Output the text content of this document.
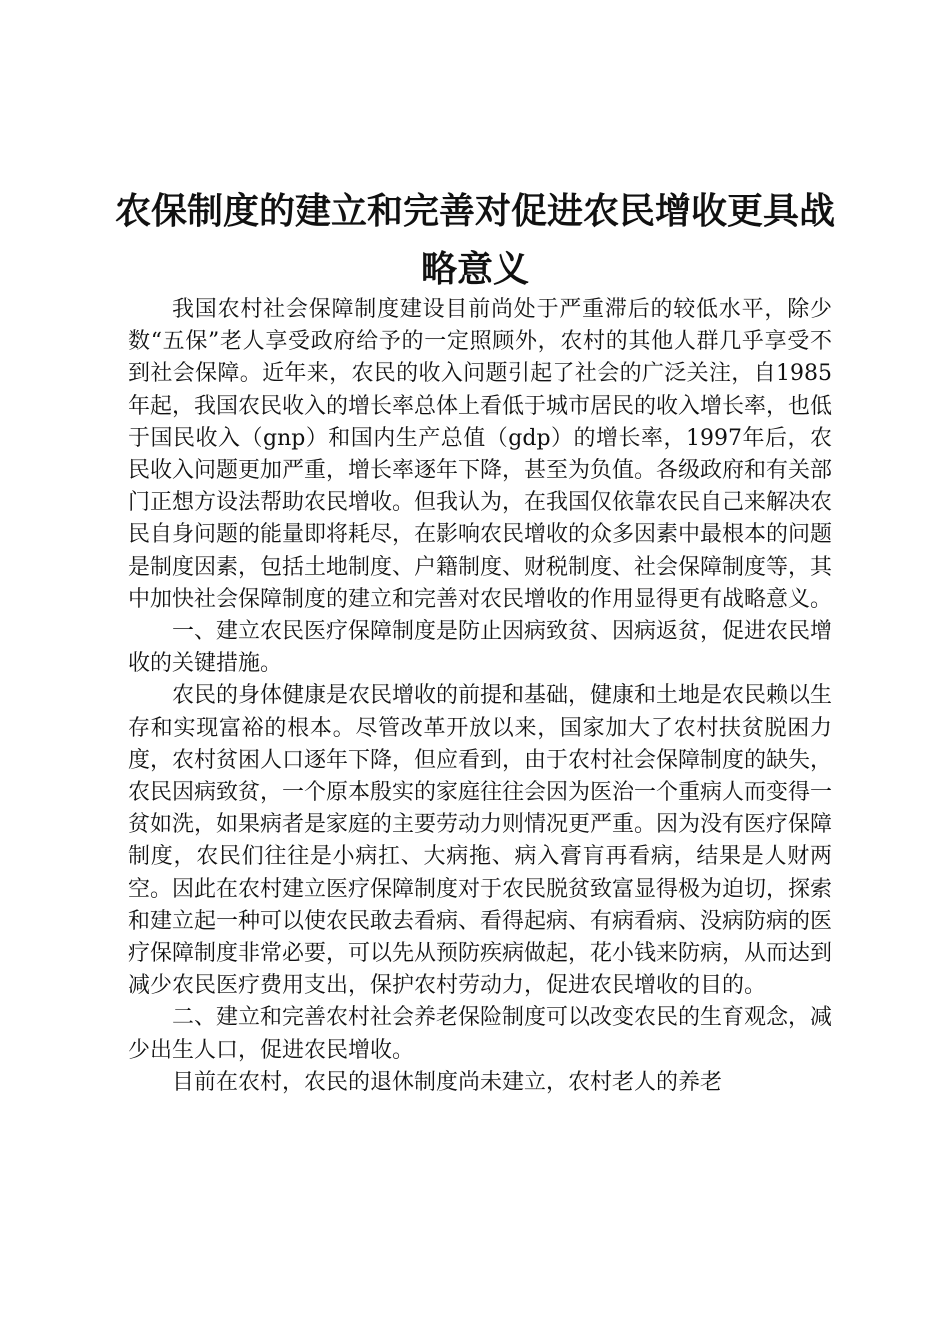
农保制度的建立和完善对促进农民增收更具战
略意义

我国农村社会保障制度建设目前尚处于严重滞后的较低水平，除少数“五保”老人享受政府给予的一定照顾外，农村的其他人群几乎享受不到社会保障。近年来，农民的收入问题引起了社会的广泛关注，自1985年起，我国农民收入的增长率总体上看低于城市居民的收入增长率，也低于国民收入（gnp）和国内生产总值（gdp）的增长率，1997年后，农民收入问题更加严重，增长率逐年下降，甚至为负值。各级政府和有关部门正想方设法帮助农民增收。但我认为，在我国仅依靠农民自己来解决农民自身问题的能量即将耗尽，在影响农民增收的众多因素中最根本的问题是制度因素，包括土地制度、户籍制度、财税制度、社会保障制度等，其中加快社会保障制度的建立和完善对农民增收的作用显得更有战略意义。

一、建立农民医疗保障制度是防止因病致贫、因病返贫，促进农民增收的关键措施。

农民的身体健康是农民增收的前提和基础，健康和土地是农民赖以生存和实现富裕的根本。尽管改革开放以来，国家加大了农村扶贫脱困力度，农村贫困人口逐年下降，但应看到，由于农村社会保障制度的缺失，农民因病致贫，一个原本殷实的家庭往往会因为医治一个重病人而变得一贫如洗，如果病者是家庭的主要劳动力则情况更严重。因为没有医疗保障制度，农民们往往是小病扛、大病拖、病入膏肓再看病，结果是人财两空。因此在农村建立医疗保障制度对于农民脱贫致富显得极为迫切，探索和建立起一种可以使农民敢去看病、看得起病、有病看病、没病防病的医疗保障制度非常必要，可以先从预防疾病做起，花小钱来防病，从而达到减少农民医疗费用支出，保护农村劳动力，促进农民增收的目的。

二、建立和完善农村社会养老保险制度可以改变农民的生育观念，减少出生人口，促进农民增收。

目前在农村，农民的退休制度尚未建立，农村老人的养老
